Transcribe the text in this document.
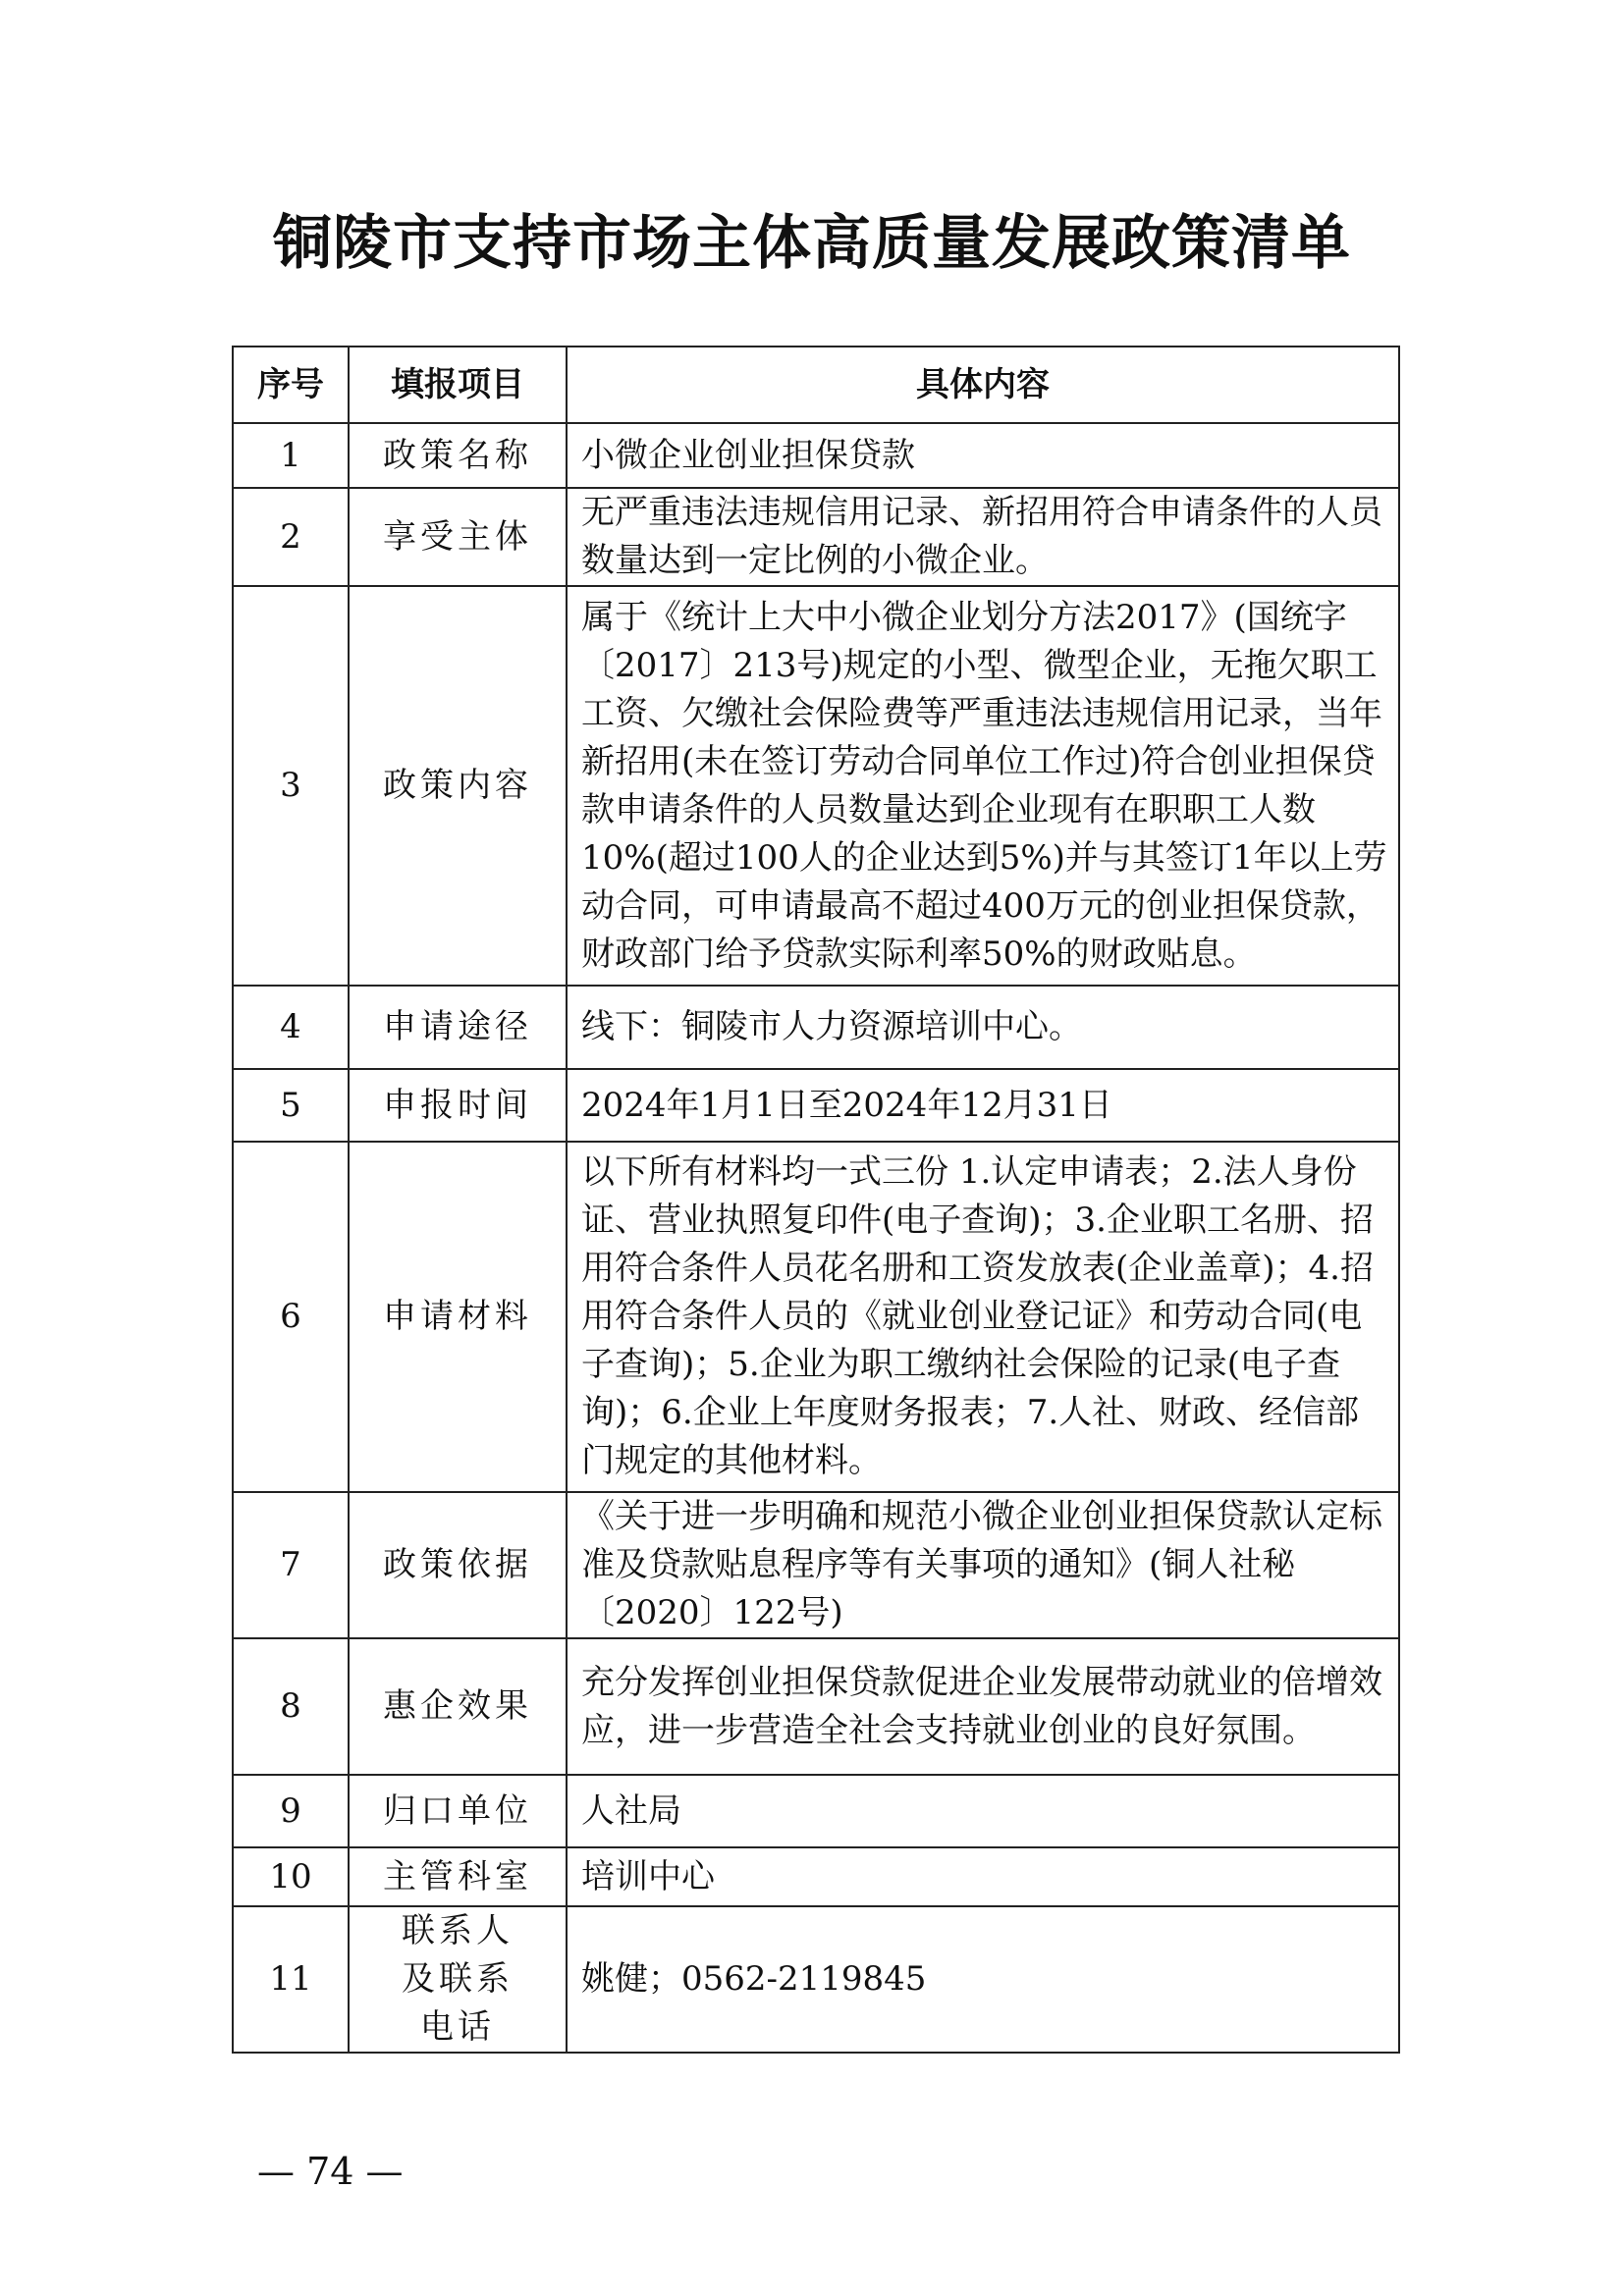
铜陵市支持市场主体高质量发展政策清单
序号	填报项目	具体内容
1	政策名称	小微企业创业担保贷款
2	享受主体	无严重违法违规信用记录、新招用符合申请条件的人员数量达到一定比例的小微企业。
3	政策内容	属于《统计上大中小微企业划分方法2017》(国统字〔2017〕213号)规定的小型、微型企业，无拖欠职工工资、欠缴社会保险费等严重违法违规信用记录，当年新招用(未在签订劳动合同单位工作过)符合创业担保贷款申请条件的人员数量达到企业现有在职职工人数10%(超过100人的企业达到5%)并与其签订1年以上劳动合同，可申请最高不超过400万元的创业担保贷款，财政部门给予贷款实际利率50%的财政贴息。
4	申请途径	线下：铜陵市人力资源培训中心。
5	申报时间	2024年1月1日至2024年12月31日
6	申请材料	以下所有材料均一式三份 1.认定申请表；2.法人身份证、营业执照复印件(电子查询)；3.企业职工名册、招用符合条件人员花名册和工资发放表(企业盖章)；4.招用符合条件人员的《就业创业登记证》和劳动合同(电子查询)；5.企业为职工缴纳社会保险的记录(电子查询)；6.企业上年度财务报表；7.人社、财政、经信部门规定的其他材料。
7	政策依据	《关于进一步明确和规范小微企业创业担保贷款认定标准及贷款贴息程序等有关事项的通知》(铜人社秘〔2020〕122号)
8	惠企效果	充分发挥创业担保贷款促进企业发展带动就业的倍增效应，进一步营造全社会支持就业创业的良好氛围。
9	归口单位	人社局
10	主管科室	培训中心
11	联系人及联系电话	姚健；0562-2119845
— 74 —
